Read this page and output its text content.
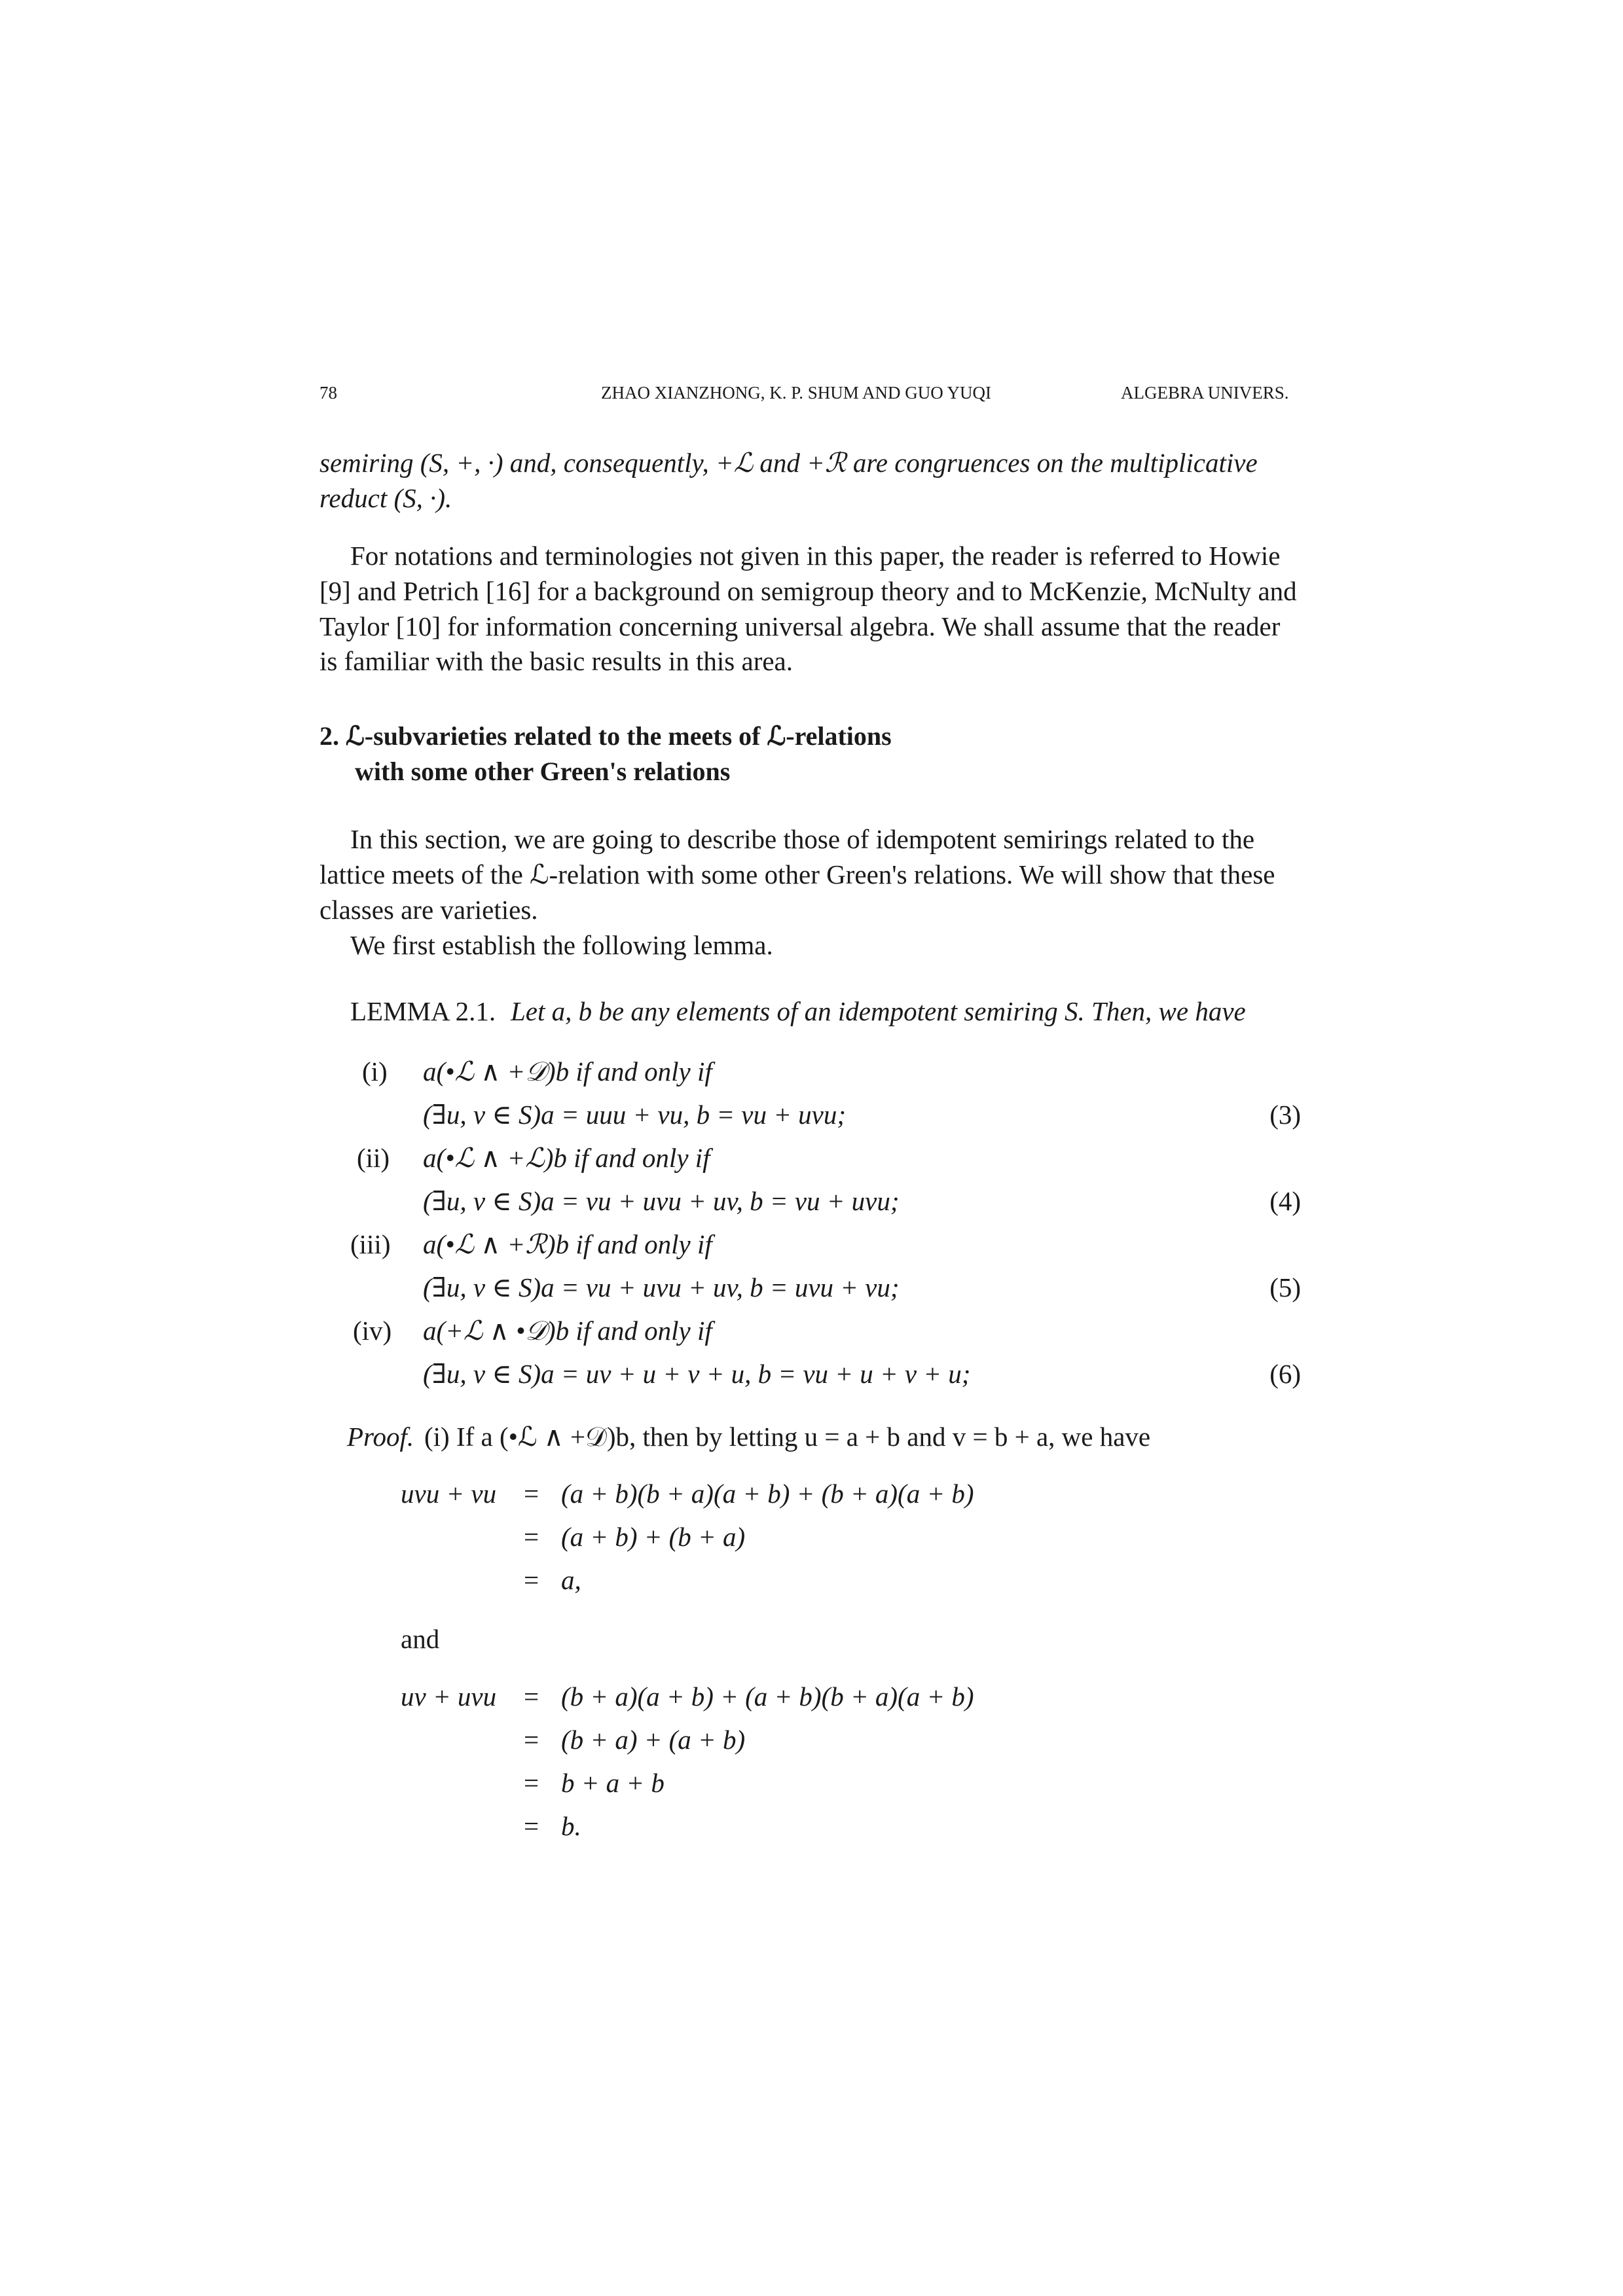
78	ZHAO XIANZHONG, K. P. SHUM AND GUO YUQI	ALGEBRA UNIVERS.
semiring (S, +, ·) and, consequently, +ℒ and +ℛ are congruences on the multiplicative
reduct (S, ·).
For notations and terminologies not given in this paper, the reader is referred to Howie
[9] and Petrich [16] for a background on semigroup theory and to McKenzie, McNulty and
Taylor [10] for information concerning universal algebra. We shall assume that the reader
is familiar with the basic results in this area.
2. ℒ-subvarieties related to the meets of ℒ-relations
with some other Green's relations
In this section, we are going to describe those of idempotent semirings related to the
lattice meets of the ℒ-relation with some other Green's relations. We will show that these
classes are varieties.
We first establish the following lemma.
LEMMA 2.1. Let a, b be any elements of an idempotent semiring S. Then, we have
(i) a(•ℒ ∧ +𝒟)b if and only if
(∃u, v ∈ S)a = uuu + vu, b = vu + uvu;	(3)
(ii) a(•ℒ ∧ +ℒ)b if and only if
(∃u, v ∈ S)a = vu + uvu + uv, b = vu + uvu;	(4)
(iii) a(•ℒ ∧ +ℛ)b if and only if
(∃u, v ∈ S)a = vu + uvu + uv, b = uvu + vu;	(5)
(iv) a(+ℒ ∧ •𝒟)b if and only if
(∃u, v ∈ S)a = uv + u + v + u, b = vu + u + v + u;	(6)
Proof. (i) If a (•ℒ ∧ +𝒟)b, then by letting u = a + b and v = b + a, we have
uvu + vu = (a + b)(b + a)(a + b) + (b + a)(a + b)
= (a + b) + (b + a)
= a,
and
uv + uvu = (b + a)(a + b) + (a + b)(b + a)(a + b)
= (b + a) + (a + b)
= b + a + b
= b.
